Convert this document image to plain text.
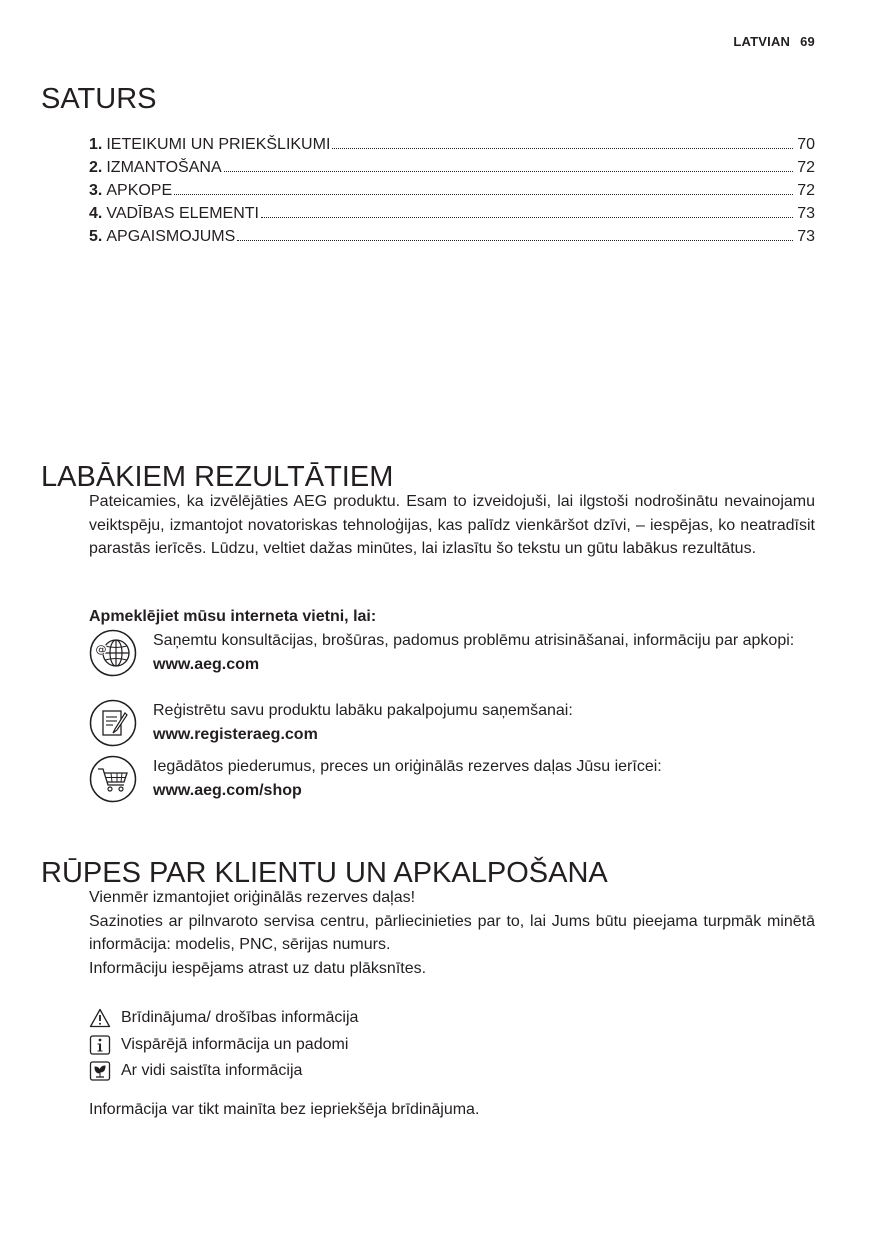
LATVIAN 69
SATURS
1. IETEIKUMI UN PRIEKŠLIKUMI	70
2. IZMANTOŠANA	72
3. APKOPE	72
4. VADĪBAS ELEMENTI	73
5. APGAISMOJUMS	73
LABĀKIEM REZULTĀTIEM
Pateicamies, ka izvēlējāties AEG produktu. Esam to izveidojuši, lai ilgstoši nodrošinātu nevainojamu veiktspēju, izmantojot novatoriskas tehnoloģijas, kas palīdz vienkāršot dzīvi, – iespējas, ko neatradīsit parastās ierīcēs. Lūdzu, veltiet dažas minūtes, lai izlasītu šo tekstu un gūtu labākus rezultātus.
Apmeklējiet mūsu interneta vietni, lai:
@
Saņemtu konsultācijas, brošūras, padomus problēmu atrisināšanai, informāciju par apkopi:
www.aeg.com
Reģistrētu savu produktu labāku pakalpojumu saņemšanai:
www.registeraeg.com
Iegādātos piederumus, preces un oriģinālās rezerves daļas Jūsu ierīcei:
www.aeg.com/shop
RŪPES PAR KLIENTU UN APKALPOŠANA
Vienmēr izmantojiet oriģinālās rezerves daļas!
Sazinoties ar pilnvaroto servisa centru, pārliecinieties par to, lai Jums būtu pieejama turpmāk minētā informācija: modelis, PNC, sērijas numurs.
Informāciju iespējams atrast uz datu plāksnītes.
Brīdinājuma/ drošības informācija
Vispārējā informācija un padomi
Ar vidi saistīta informācija
Informācija var tikt mainīta bez iepriekšēja brīdinājuma.
